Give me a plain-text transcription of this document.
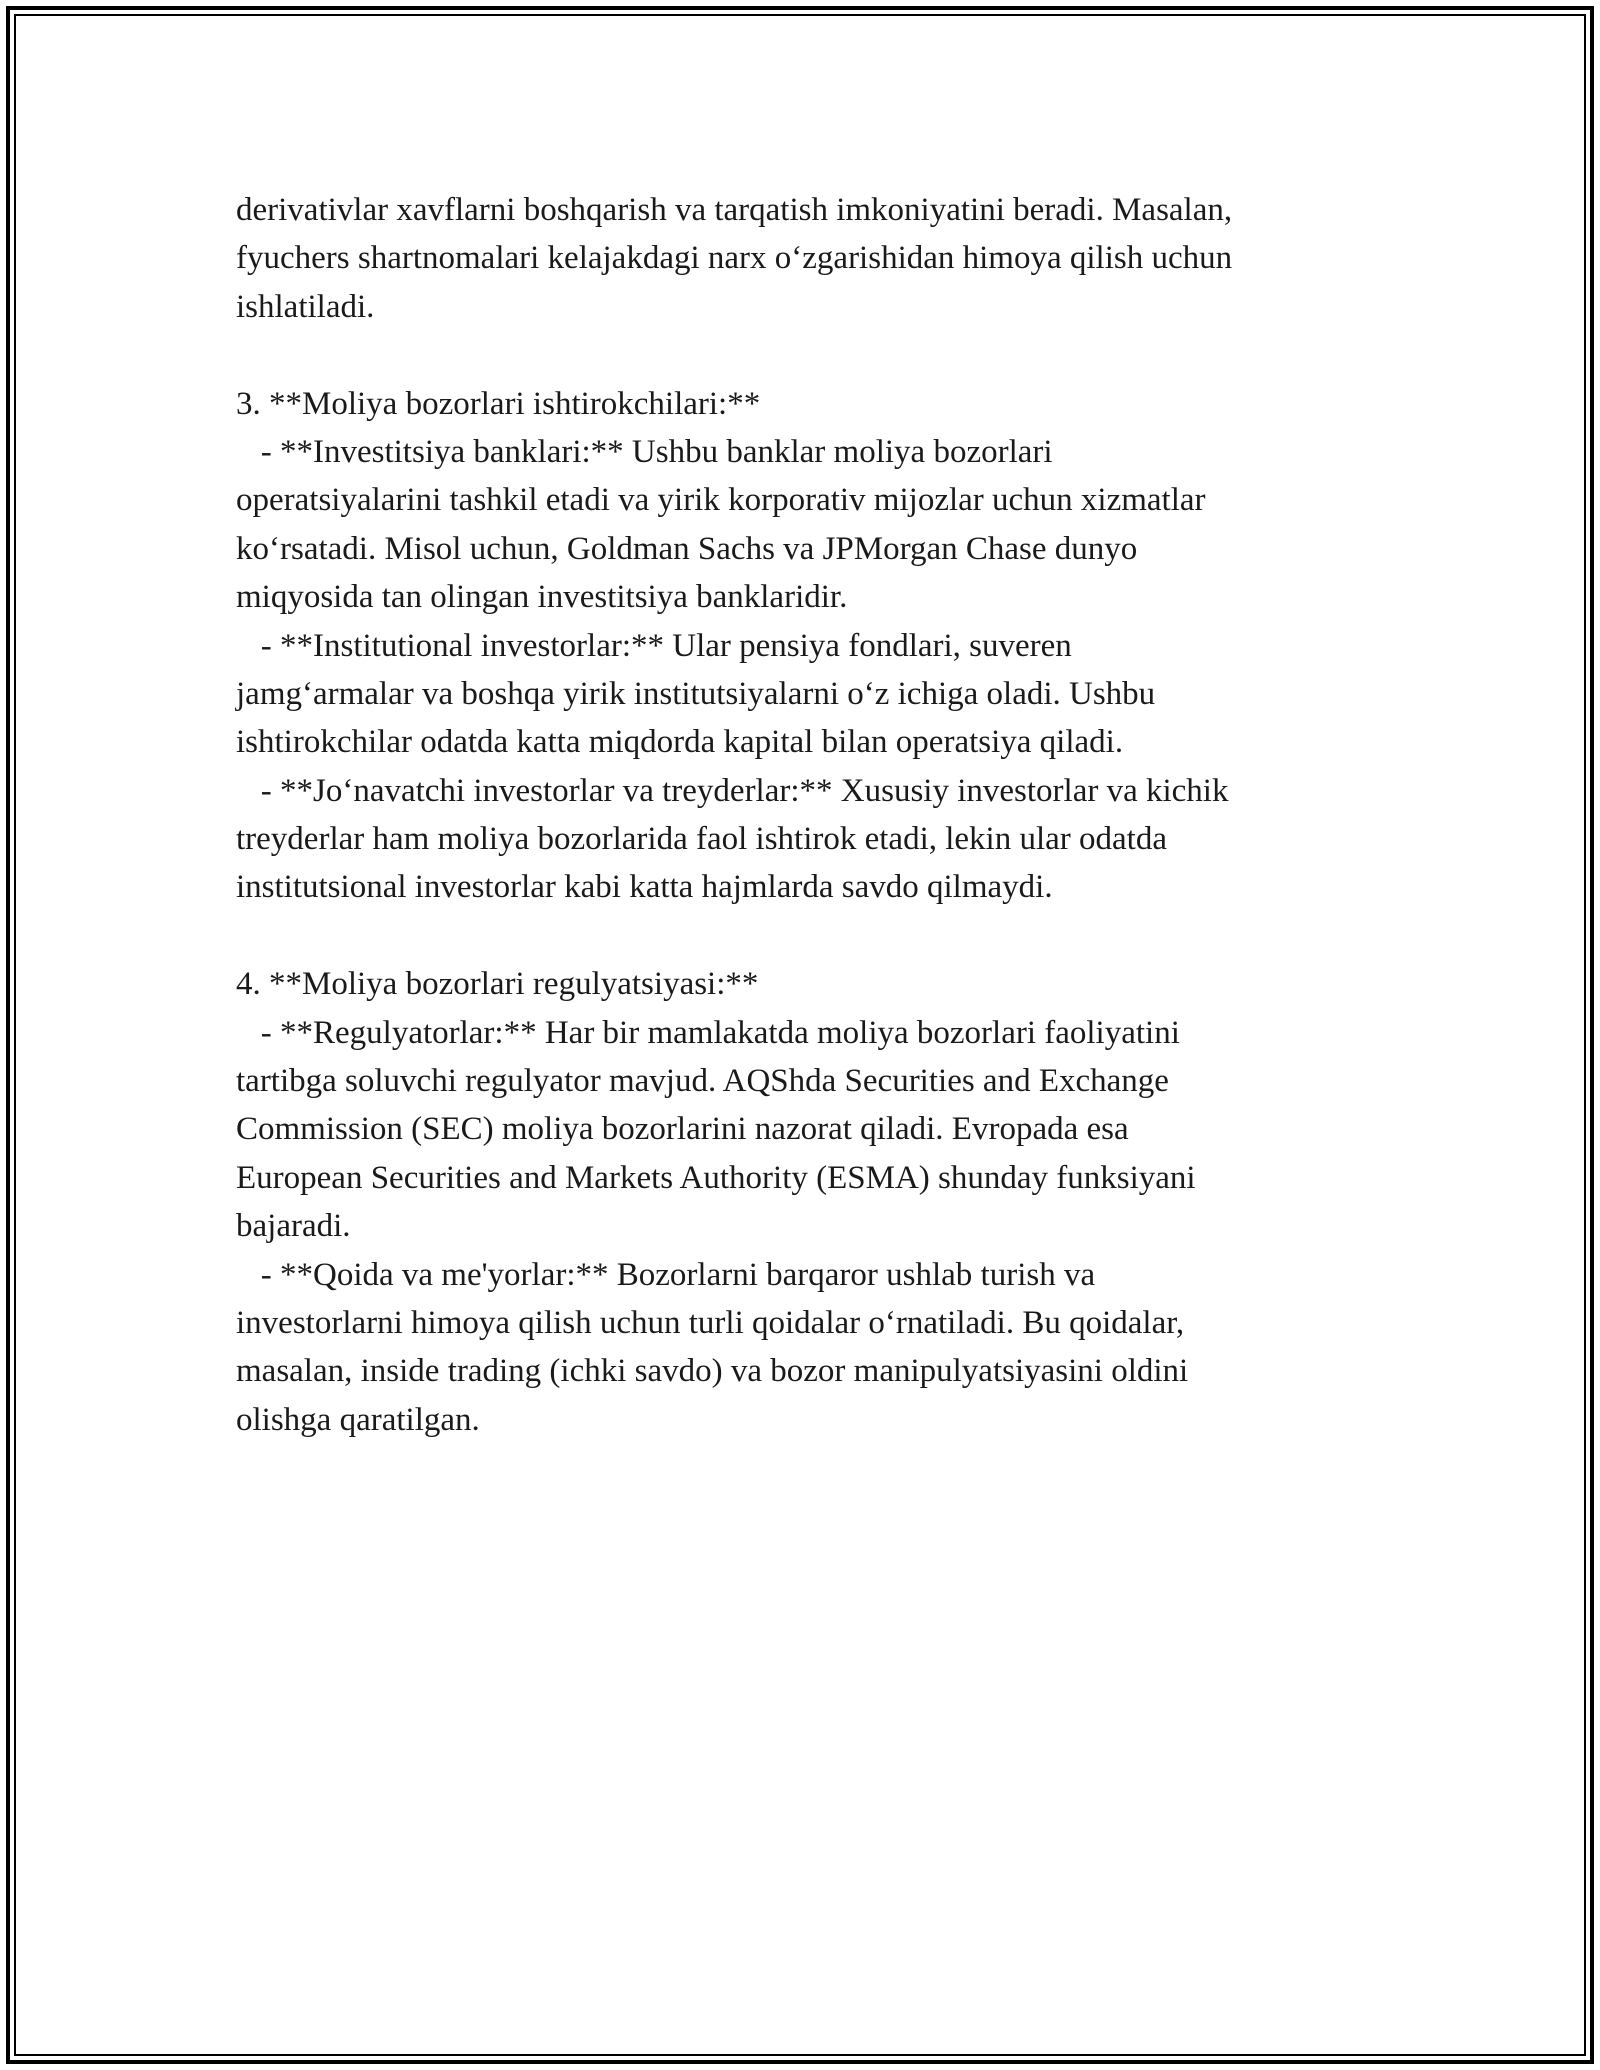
derivativlar xavflarni boshqarish va tarqatish imkoniyatini beradi. Masalan,
fyuchers shartnomalari kelajakdagi narx o‘zgarishidan himoya qilish uchun
ishlatiladi.
3. **Moliya bozorlari ishtirokchilari:**
- **Investitsiya banklari:** Ushbu banklar moliya bozorlari
operatsiyalarini tashkil etadi va yirik korporativ mijozlar uchun xizmatlar
ko‘rsatadi. Misol uchun, Goldman Sachs va JPMorgan Chase dunyo
miqyosida tan olingan investitsiya banklaridir.
- **Institutional investorlar:** Ular pensiya fondlari, suveren
jamg‘armalar va boshqa yirik institutsiyalarni o‘z ichiga oladi. Ushbu
ishtirokchilar odatda katta miqdorda kapital bilan operatsiya qiladi.
- **Jo‘navatchi investorlar va treyderlar:** Xususiy investorlar va kichik
treyderlar ham moliya bozorlarida faol ishtirok etadi, lekin ular odatda
institutsional investorlar kabi katta hajmlarda savdo qilmaydi.
4. **Moliya bozorlari regulyatsiyasi:**
- **Regulyatorlar:** Har bir mamlakatda moliya bozorlari faoliyatini
tartibga soluvchi regulyator mavjud. AQShda Securities and Exchange
Commission (SEC) moliya bozorlarini nazorat qiladi. Evropada esa
European Securities and Markets Authority (ESMA) shunday funksiyani
bajaradi.
- **Qoida va me'yorlar:** Bozorlarni barqaror ushlab turish va
investorlarni himoya qilish uchun turli qoidalar o‘rnatiladi. Bu qoidalar,
masalan, inside trading (ichki savdo) va bozor manipulyatsiyasini oldini
olishga qaratilgan.
